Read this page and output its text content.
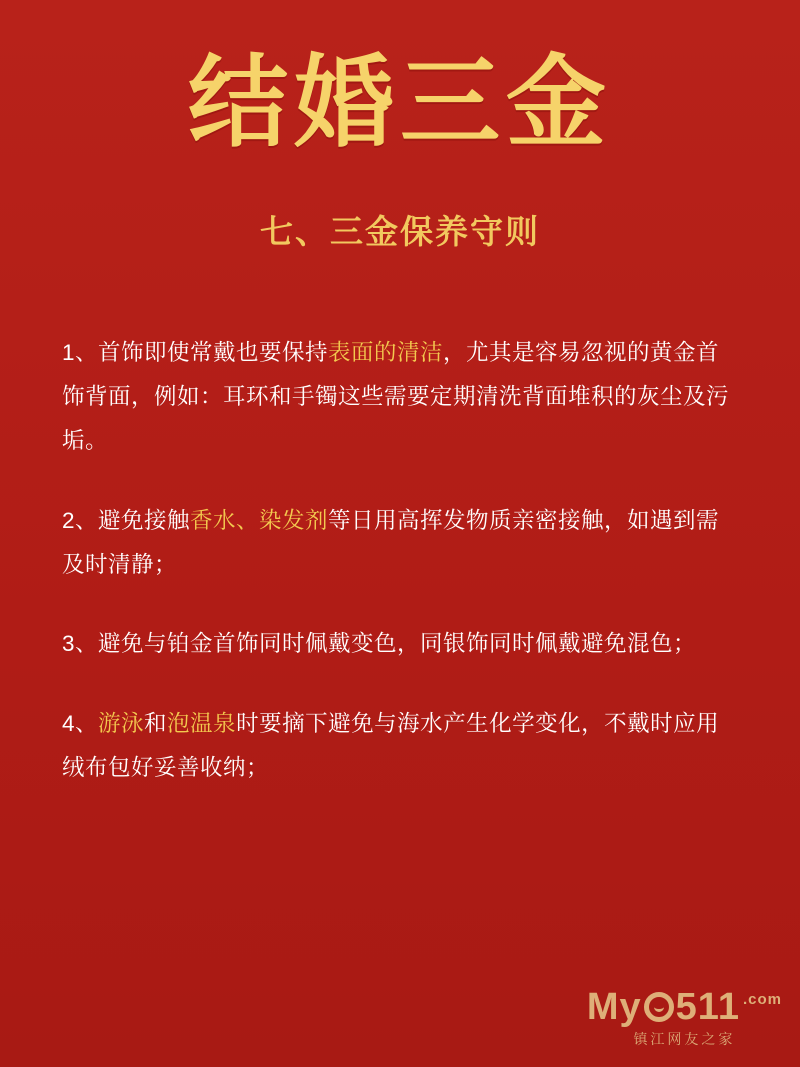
结婚三金
七、三金保养守则
1、首饰即使常戴也要保持表面的清洁，尤其是容易忽视的黄金首饰背面，例如：耳环和手镯这些需要定期清洗背面堆积的灰尘及污垢。
2、避免接触香水、染发剂等日用高挥发物质亲密接触，如遇到需及时清静；
3、避免与铂金首饰同时佩戴变色，同银饰同时佩戴避免混色；
4、游泳和泡温泉时要摘下避免与海水产生化学变化，不戴时应用绒布包好妥善收纳；
My 511 .com
镇江网友之家
